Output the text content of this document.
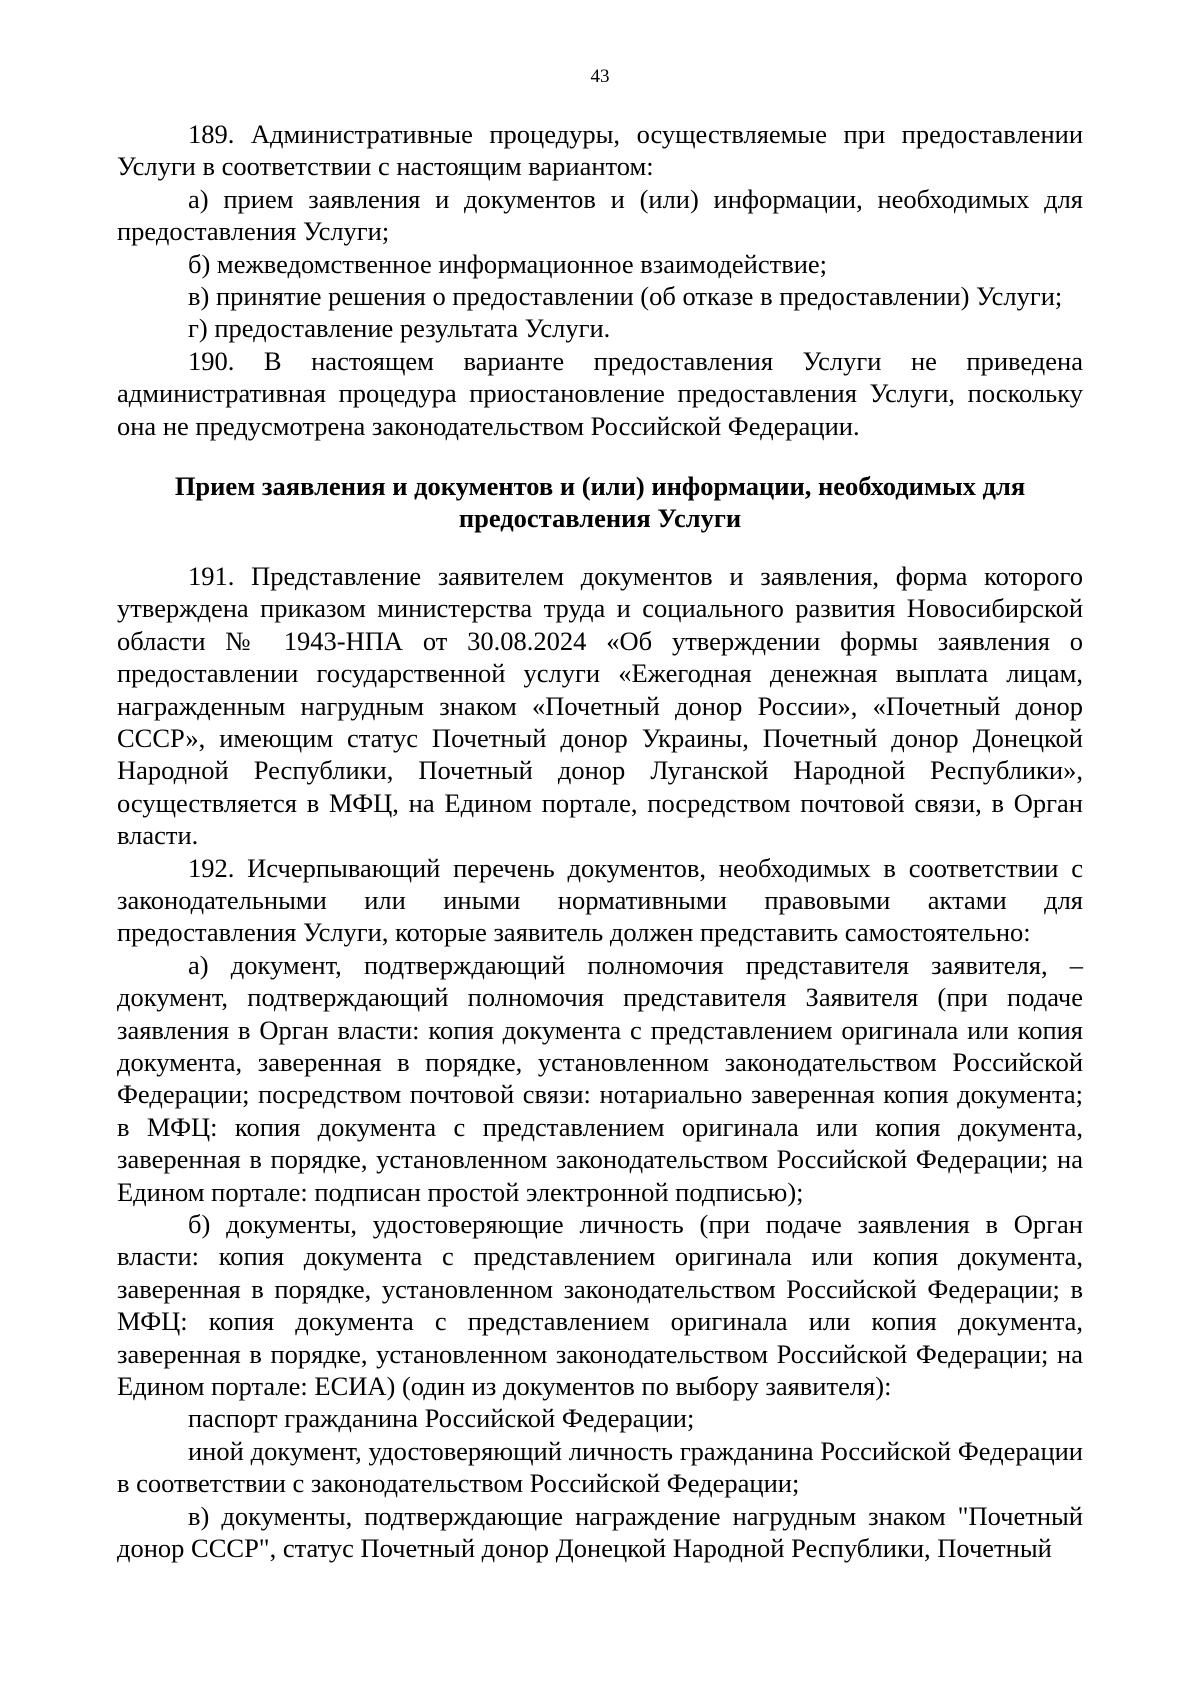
43

189. Административные процедуры, осуществляемые при предоставлении Услуги в соответствии с настоящим вариантом:

а) прием заявления и документов и (или) информации, необходимых для предоставления Услуги;

б) межведомственное информационное взаимодействие;

в) принятие решения о предоставлении (об отказе в предоставлении) Услуги;

г) предоставление результата Услуги.

190. В настоящем варианте предоставления Услуги не приведена административная процедура приостановление предоставления Услуги, поскольку она не предусмотрена законодательством Российской Федерации.

Прием заявления и документов и (или) информации, необходимых для
предоставления Услуги

191. Представление заявителем документов и заявления, форма которого утверждена приказом министерства труда и социального развития Новосибирской области № 1943-НПА от 30.08.2024 «Об утверждении формы заявления о предоставлении государственной услуги «Ежегодная денежная выплата лицам, награжденным нагрудным знаком «Почетный донор России», «Почетный донор СССР», имеющим статус Почетный донор Украины, Почетный донор Донецкой Народной Республики, Почетный донор Луганской Народной Республики», осуществляется в МФЦ, на Едином портале, посредством почтовой связи, в Орган власти.

192. Исчерпывающий перечень документов, необходимых в соответствии с законодательными или иными нормативными правовыми актами для предоставления Услуги, которые заявитель должен представить самостоятельно:

а) документ, подтверждающий полномочия представителя заявителя, – документ, подтверждающий полномочия представителя Заявителя (при подаче заявления в Орган власти: копия документа с представлением оригинала или копия документа, заверенная в порядке, установленном законодательством Российской Федерации; посредством почтовой связи: нотариально заверенная копия документа; в МФЦ: копия документа с представлением оригинала или копия документа, заверенная в порядке, установленном законодательством Российской Федерации; на Едином портале: подписан простой электронной подписью);

б) документы, удостоверяющие личность (при подаче заявления в Орган власти: копия документа с представлением оригинала или копия документа, заверенная в порядке, установленном законодательством Российской Федерации; в МФЦ: копия документа с представлением оригинала или копия документа, заверенная в порядке, установленном законодательством Российской Федерации; на Едином портале: ЕСИА) (один из документов по выбору заявителя):

паспорт гражданина Российской Федерации;

иной документ, удостоверяющий личность гражданина Российской Федерации в соответствии с законодательством Российской Федерации;

в) документы, подтверждающие награждение нагрудным знаком "Почетный донор СССР", статус Почетный донор Донецкой Народной Республики, Почетный
